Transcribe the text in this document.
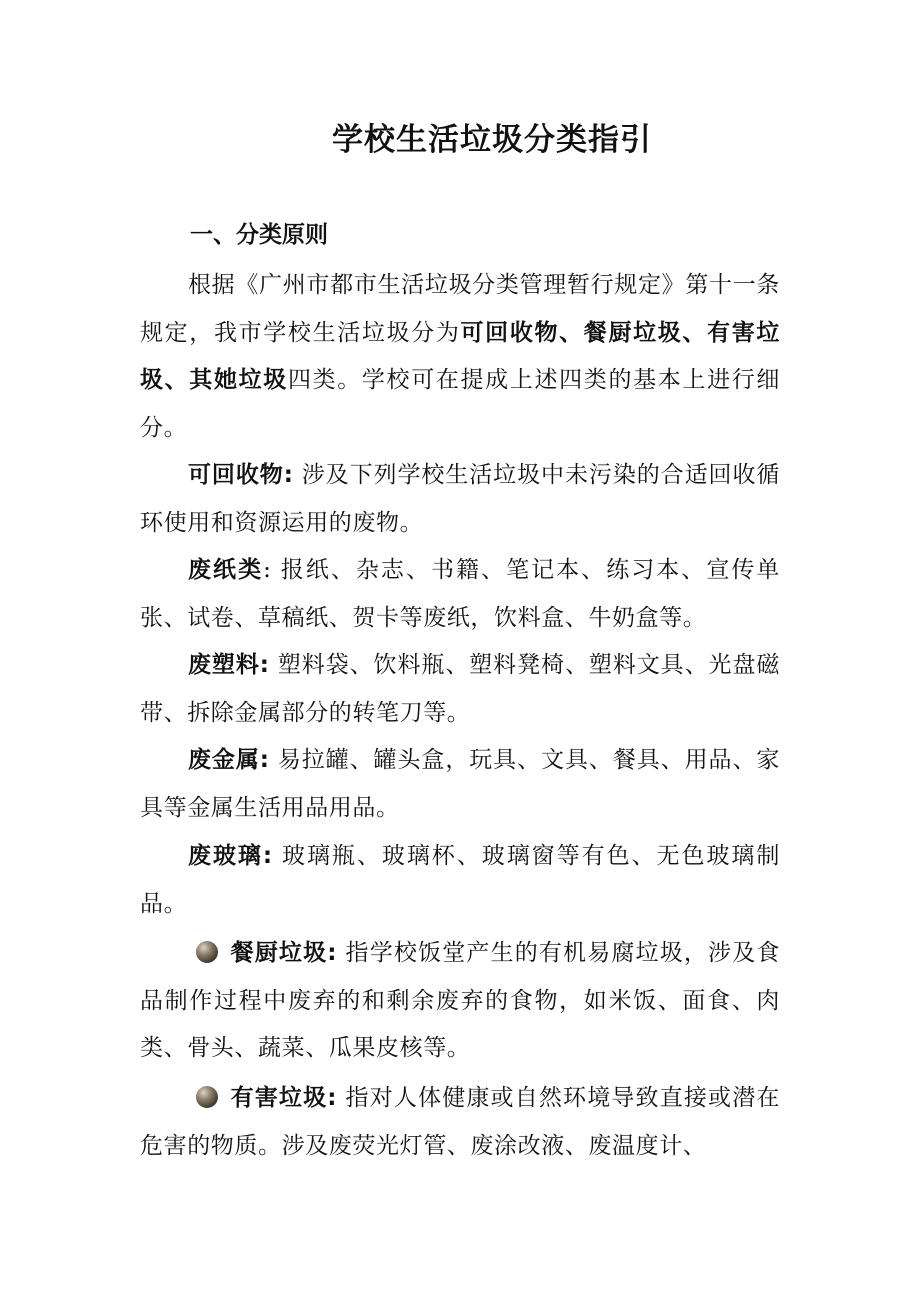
学校生活垃圾分类指引
一、分类原则
根据《广州市都市生活垃圾分类管理暂行规定》第十一条规定，我市学校生活垃圾分为可回收物、餐厨垃圾、有害垃圾、其她垃圾四类。学校可在提成上述四类的基本上进行细分。
可回收物: 涉及下列学校生活垃圾中未污染的合适回收循环使用和资源运用的废物。
废纸类: 报纸、杂志、书籍、笔记本、练习本、宣传单张、试卷、草稿纸、贺卡等废纸，饮料盒、牛奶盒等。
废塑料: 塑料袋、饮料瓶、塑料凳椅、塑料文具、光盘磁带、拆除金属部分的转笔刀等。
废金属: 易拉罐、罐头盒，玩具、文具、餐具、用品、家具等金属生活用品用品。
废玻璃: 玻璃瓶、玻璃杯、玻璃窗等有色、无色玻璃制品。
餐厨垃圾: 指学校饭堂产生的有机易腐垃圾，涉及食品制作过程中废弃的和剩余废弃的食物，如米饭、面食、肉类、骨头、蔬菜、瓜果皮核等。
有害垃圾: 指对人体健康或自然环境导致直接或潜在危害的物质。涉及废荧光灯管、废涂改液、废温度计、
